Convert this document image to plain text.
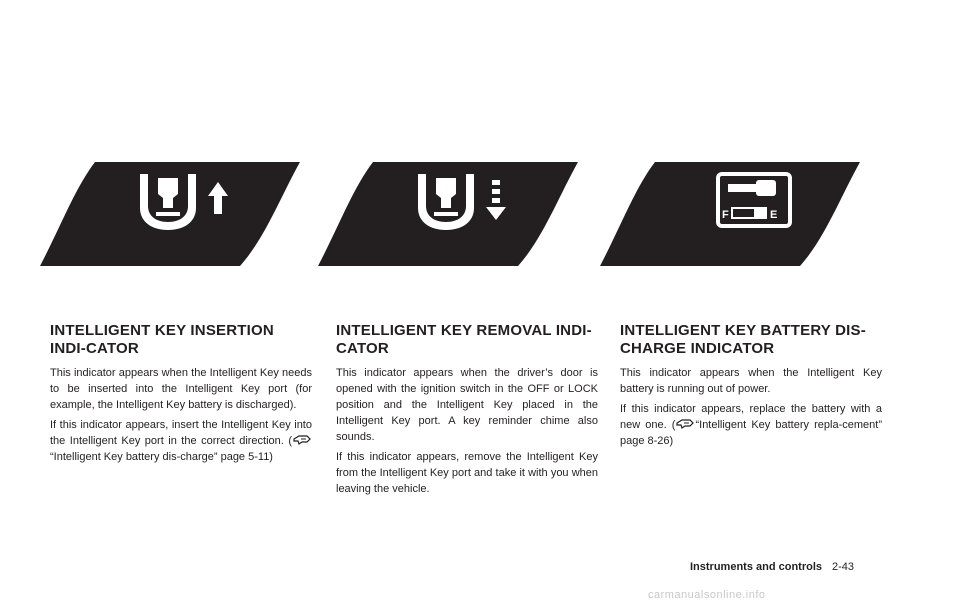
F	E
INTELLIGENT KEY INSERTION INDI-CATOR

This indicator appears when the Intelligent Key needs to be inserted into the Intelligent Key port (for example, the Intelligent Key battery is discharged).

If this indicator appears, insert the Intelligent Key into the Intelligent Key port in the correct direction. (
“Intelligent Key battery dis-charge” page 5-11)

INTELLIGENT KEY REMOVAL INDI-CATOR

This indicator appears when the driver’s door is opened with the ignition switch in the OFF or LOCK position and the Intelligent Key placed in the Intelligent Key port. A key reminder chime also sounds.

If this indicator appears, remove the Intelligent Key from the Intelligent Key port and take it with you when leaving the vehicle.

INTELLIGENT KEY BATTERY DIS-CHARGE INDICATOR

This indicator appears when the Intelligent Key battery is running out of power.

If this indicator appears, replace the battery with a new one. ( “Intelligent Key battery repla-cement” page 8-26)

Instruments and controls 2-43
carmanualsonline.info
